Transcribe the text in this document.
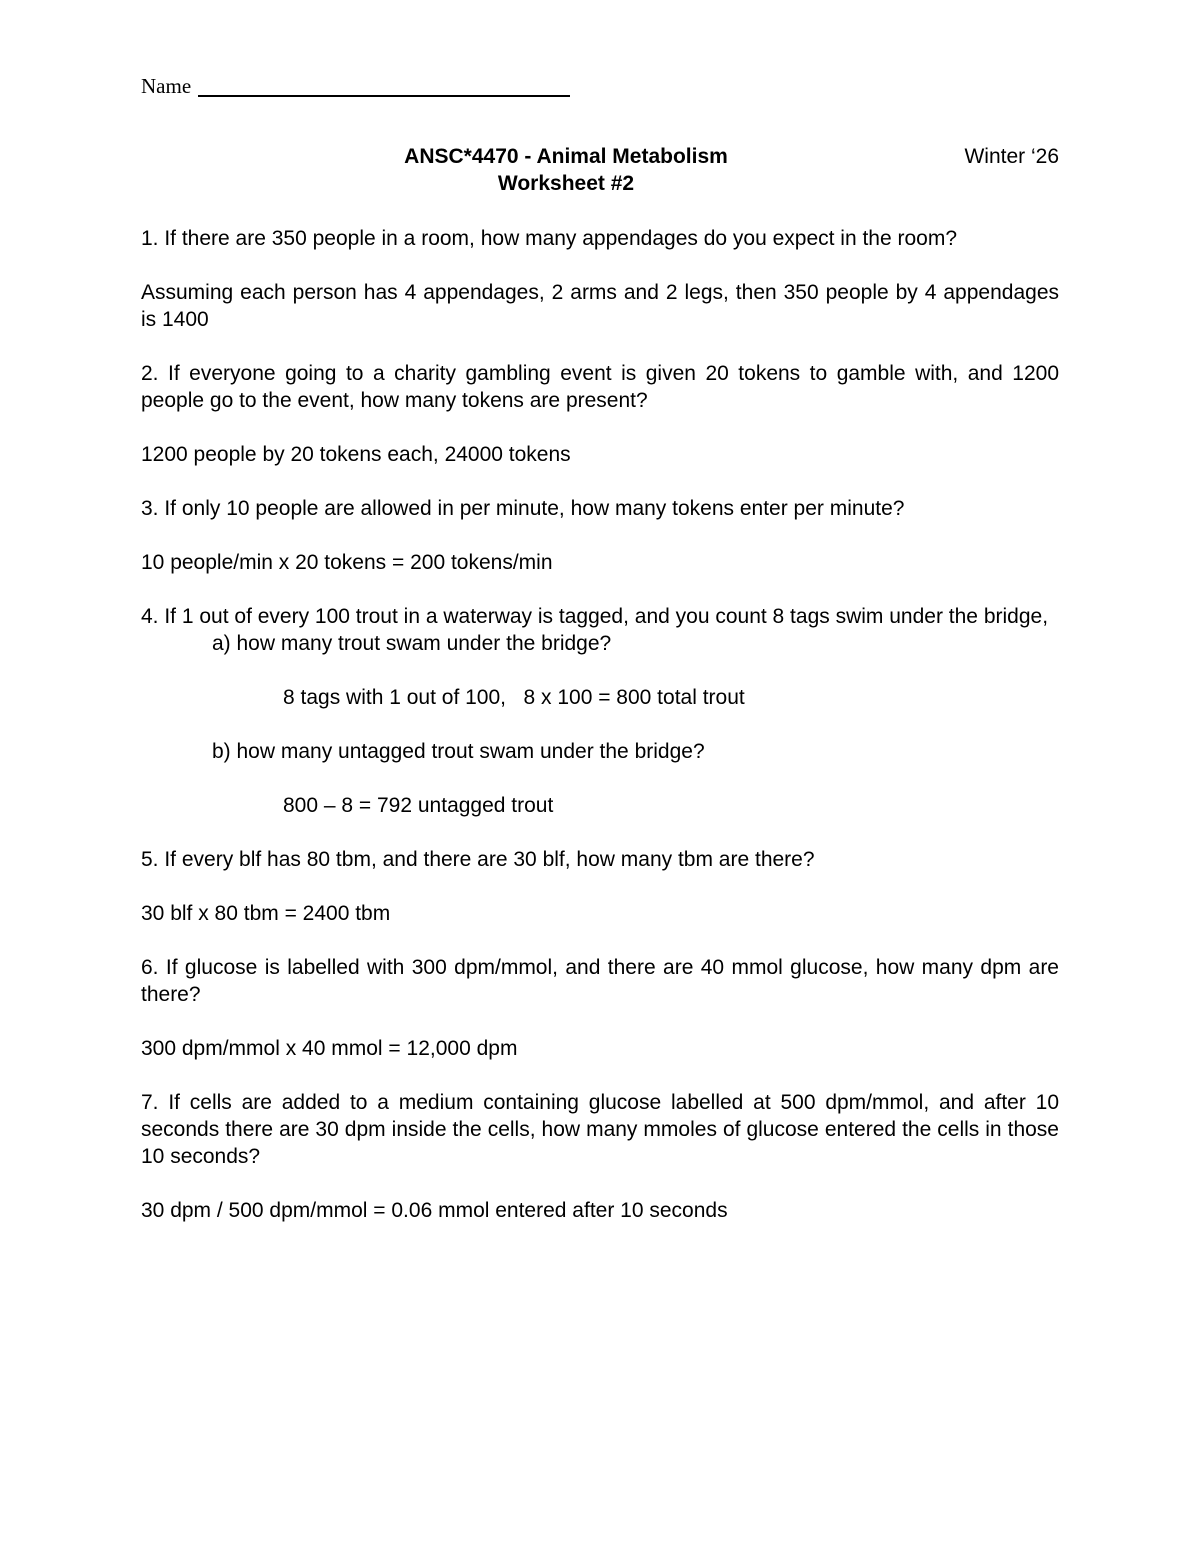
Name
Winter ‘26
ANSC*4470 - Animal Metabolism
Worksheet #2

1. If there are 350 people in a room, how many appendages do you expect in the room?

Assuming each person has 4 appendages, 2 arms and 2 legs, then 350 people by 4 appendages is 1400

2. If everyone going to a charity gambling event is given 20 tokens to gamble with, and 1200 people go to the event, how many tokens are present?

1200 people by 20 tokens each, 24000 tokens

3. If only 10 people are allowed in per minute, how many tokens enter per minute?

10 people/min x 20 tokens = 200 tokens/min

4. If 1 out of every 100 trout in a waterway is tagged, and you count 8 tags swim under the bridge,

a) how many trout swam under the bridge?

8 tags with 1 out of 100,   8 x 100 = 800 total trout

b) how many untagged trout swam under the bridge?

800 – 8 = 792 untagged trout

5. If every blf has 80 tbm, and there are 30 blf, how many tbm are there?

30 blf x 80 tbm = 2400 tbm

6. If glucose is labelled with 300 dpm/mmol, and there are 40 mmol glucose, how many dpm are there?

300 dpm/mmol x 40 mmol = 12,000 dpm

7. If cells are added to a medium containing glucose labelled at 500 dpm/mmol, and after 10 seconds there are 30 dpm inside the cells, how many mmoles of glucose entered the cells in those 10 seconds?

30 dpm / 500 dpm/mmol = 0.06 mmol entered after 10 seconds
